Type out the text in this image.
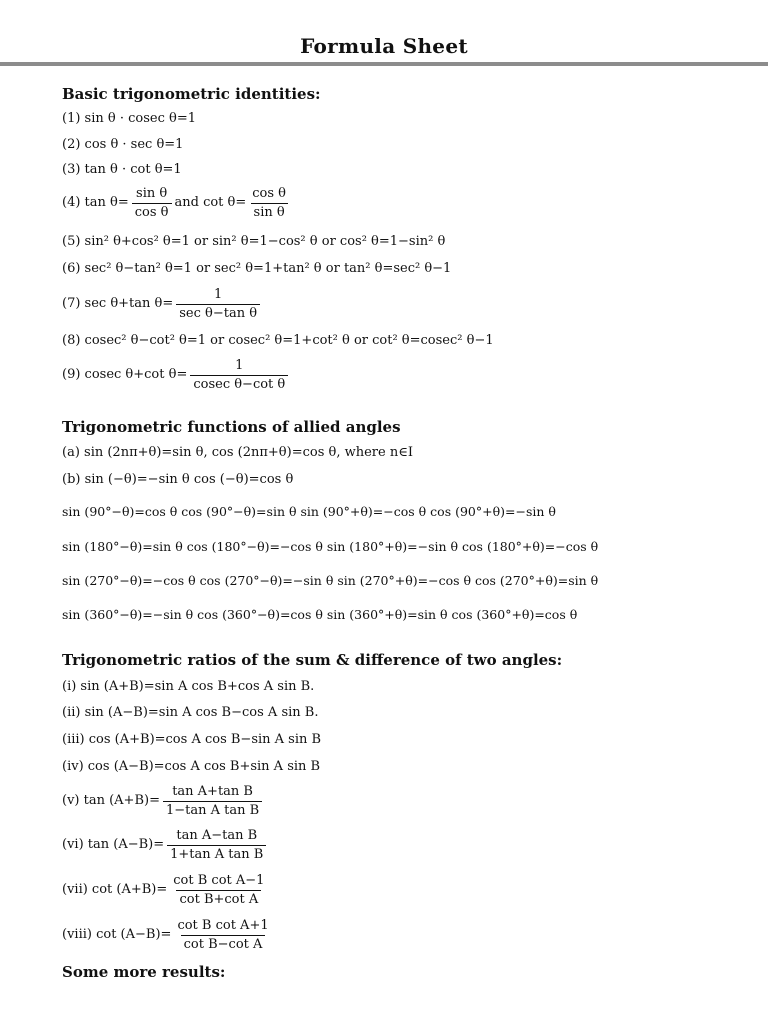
Formula Sheet
Basic trigonometric identities:
(1) sin θ · cosec θ=1
(2) cos θ · sec θ=1
(3) tan θ · cot θ=1
(4) $\tan \theta= \frac{\text{sin θ}}{\text{cos θ}}$ and $\cot \theta= \frac{\text{cos θ}}{\text{sin θ}}$
(5) sin² θ+cos² θ=1 or sin² θ=1−cos² θ or cos² θ=1−sin² θ
(6) sec² θ−tan² θ=1 or sec² θ=1+tan² θ or tan² θ=sec² θ−1
(7) sec θ+tan $\theta= \frac{1}{\text{sec θ−tan θ}}$
(8) cosec² θ−cot² θ=1 or cosec² θ=1+cot² θ or cot² θ=cosec² θ−1
(9) cosec θ+cot $\theta= \frac{1}{\text{cosec θ−cot θ}}$
Trigonometric functions of allied angles
(a) sin (2nπ+θ)=sin θ, cos (2nπ+θ)=cos θ, where n∈I
(b) sin (−θ)=−sin θ cos (−θ)=cos θ
sin (90°−θ)=cos θ cos (90°−θ)=sin θ sin (90°+θ)=−cos θ cos (90°+θ)=−sin θ
sin (180°−θ)=sin θ cos (180°−θ)=−cos θ sin (180°+θ)=−sin θ cos (180°+θ)=−cos θ
sin (270°−θ)=−cos θ cos (270°−θ)=−sin θ sin (270°+θ)=−cos θ cos (270°+θ)=sin θ
sin (360°−θ)=−sin θ cos (360°−θ)=cos θ sin (360°+θ)=sin θ cos (360°+θ)=cos θ
Trigonometric ratios of the sum & difference of two angles:
(i) sin (A+B)=sin A cos B+cos A sin B.
(ii) sin (A−B)=sin A cos B−cos A sin B.
(iii) cos (A+B)=cos A cos B−sin A sin B
(iv) cos (A−B)=cos A cos B+sin A sin B
(v) $\tan (A+B)= \frac{\text{tan A+tan B}}{\text{1−tan A tan B}}$
(vi) $\tan (A-B)= \frac{\text{tan A−tan B}}{\text{1+tan A tan B}}$
(vii) $\cot (A+B)= \frac{\text{cot B cot A−1}}{\text{cot B+cot A}}$
(viii) $\cot (A-B)= \frac{\text{cot B cot A+1}}{\text{cot B−cot A}}$
Some more results:
